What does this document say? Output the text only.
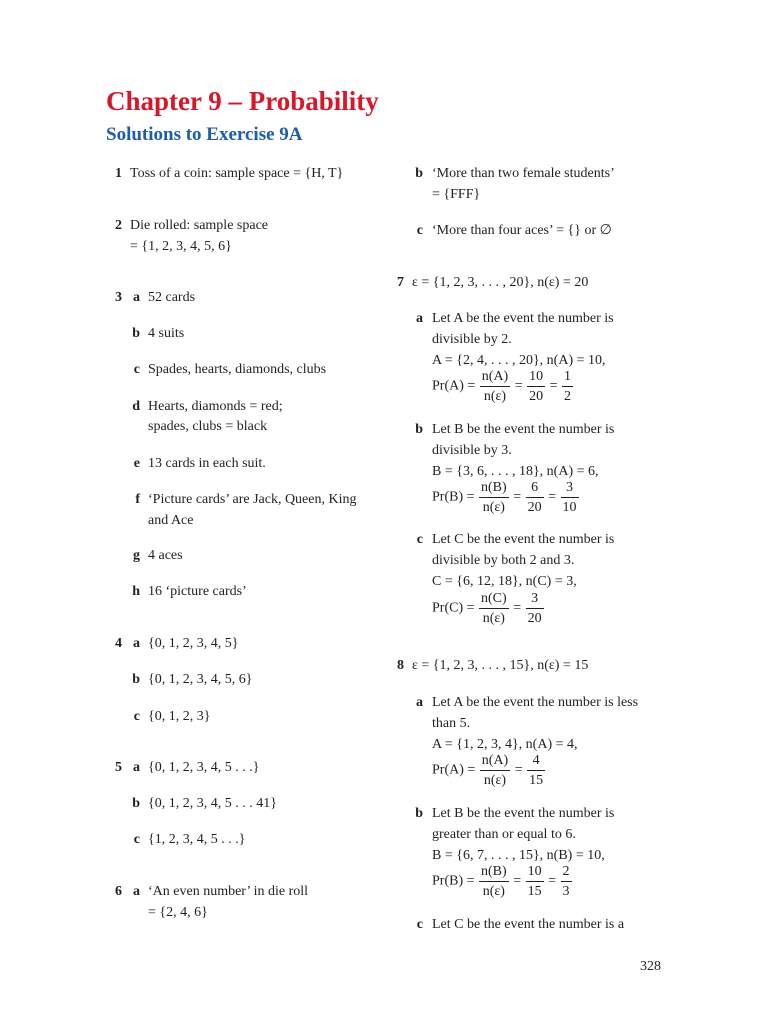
Chapter 9 – Probability
Solutions to Exercise 9A
1 Toss of a coin: sample space = {H, T}
2 Die rolled: sample space
= {1, 2, 3, 4, 5, 6}
3 a 52 cards
b 4 suits
c Spades, hearts, diamonds, clubs
d Hearts, diamonds = red;
spades, clubs = black
e 13 cards in each suit.
f ‘Picture cards’ are Jack, Queen, King
and Ace
g 4 aces
h 16 ‘picture cards’
4 a {0, 1, 2, 3, 4, 5}
b {0, 1, 2, 3, 4, 5, 6}
c {0, 1, 2, 3}
5 a {0, 1, 2, 3, 4, 5 . . .}
b {0, 1, 2, 3, 4, 5 . . . 41}
c {1, 2, 3, 4, 5 . . .}
6 a ‘An even number’ in die roll
= {2, 4, 6}
b ‘More than two female students’
= {FFF}
c ‘More than four aces’ = {} or ∅
7 ε = {1, 2, 3, . . . , 20}, n(ε) = 20
a Let A be the event the number is
divisible by 2.
A = {2, 4, . . . , 20}, n(A) = 10,
$Pr(A) = \frac{n(A)}{n(\varepsilon)} = \frac{10}{20} = \frac{1}{2}$
b Let B be the event the number is
divisible by 3.
B = {3, 6, . . . , 18}, n(A) = 6,
$Pr(B) = \frac{n(B)}{n(\varepsilon)} = \frac{6}{20} = \frac{3}{10}$
c Let C be the event the number is
divisible by both 2 and 3.
C = {6, 12, 18}, n(C) = 3,
$Pr(C) = \frac{n(C)}{n(\varepsilon)} = \frac{3}{20}$
8 ε = {1, 2, 3, . . . , 15}, n(ε) = 15
a Let A be the event the number is less
than 5.
A = {1, 2, 3, 4}, n(A) = 4,
$Pr(A) = \frac{n(A)}{n(\varepsilon)} = \frac{4}{15}$
b Let B be the event the number is
greater than or equal to 6.
B = {6, 7, . . . , 15}, n(B) = 10,
$Pr(B) = \frac{n(B)}{n(\varepsilon)} = \frac{10}{15} = \frac{2}{3}$
c Let C be the event the number is a
328
